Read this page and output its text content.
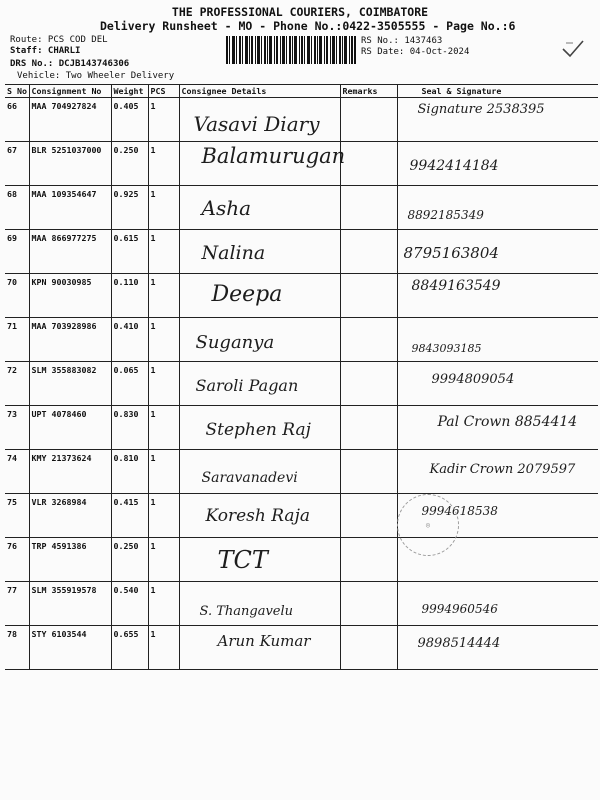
THE PROFESSIONAL COURIERS, COIMBATORE
Delivery Runsheet - MO - Phone No.:0422-3505555 - Page No.:6
Route: PCS COD DEL
Staff: CHARLI
DRS No.: DCJB143746306
Vehicle: Two Wheeler Delivery
RS No.: 1437463
RS Date: 04-Oct-2024
S No	Consignment No	Weight	PCS	Consignee Details	Remarks	Seal & Signature
66	MAA 704927824	0.405	1	Vasavi Diary		Signature 2538395

67	BLR 5251037000	0.250	1	Balamurugan		9942414184

68	MAA 109354647	0.925	1	Asha		8892185349

69	MAA 866977275	0.615	1	Nalina		8795163804

70	KPN 90030985	0.110	1	Deepa		8849163549

71	MAA 703928986	0.410	1	Suganya		9843093185

72	SLM 355883082	0.065	1	Saroli Pagan		9994809054

73	UPT 4078460	0.830	1	Stephen Raj		Pal Crown 8854414

74	KMY 21373624	0.810	1	Saravanadevi		Kadir Crown 2079597

75	VLR 3268984	0.415	1	Koresh Raja		9994618538

76	TRP 4591386	0.250	1	TCT		

77	SLM 355919578	0.540	1	S. Thangavelu		9994960546

78	STY 6103544	0.655	1	Arun Kumar		9898514444
◎
